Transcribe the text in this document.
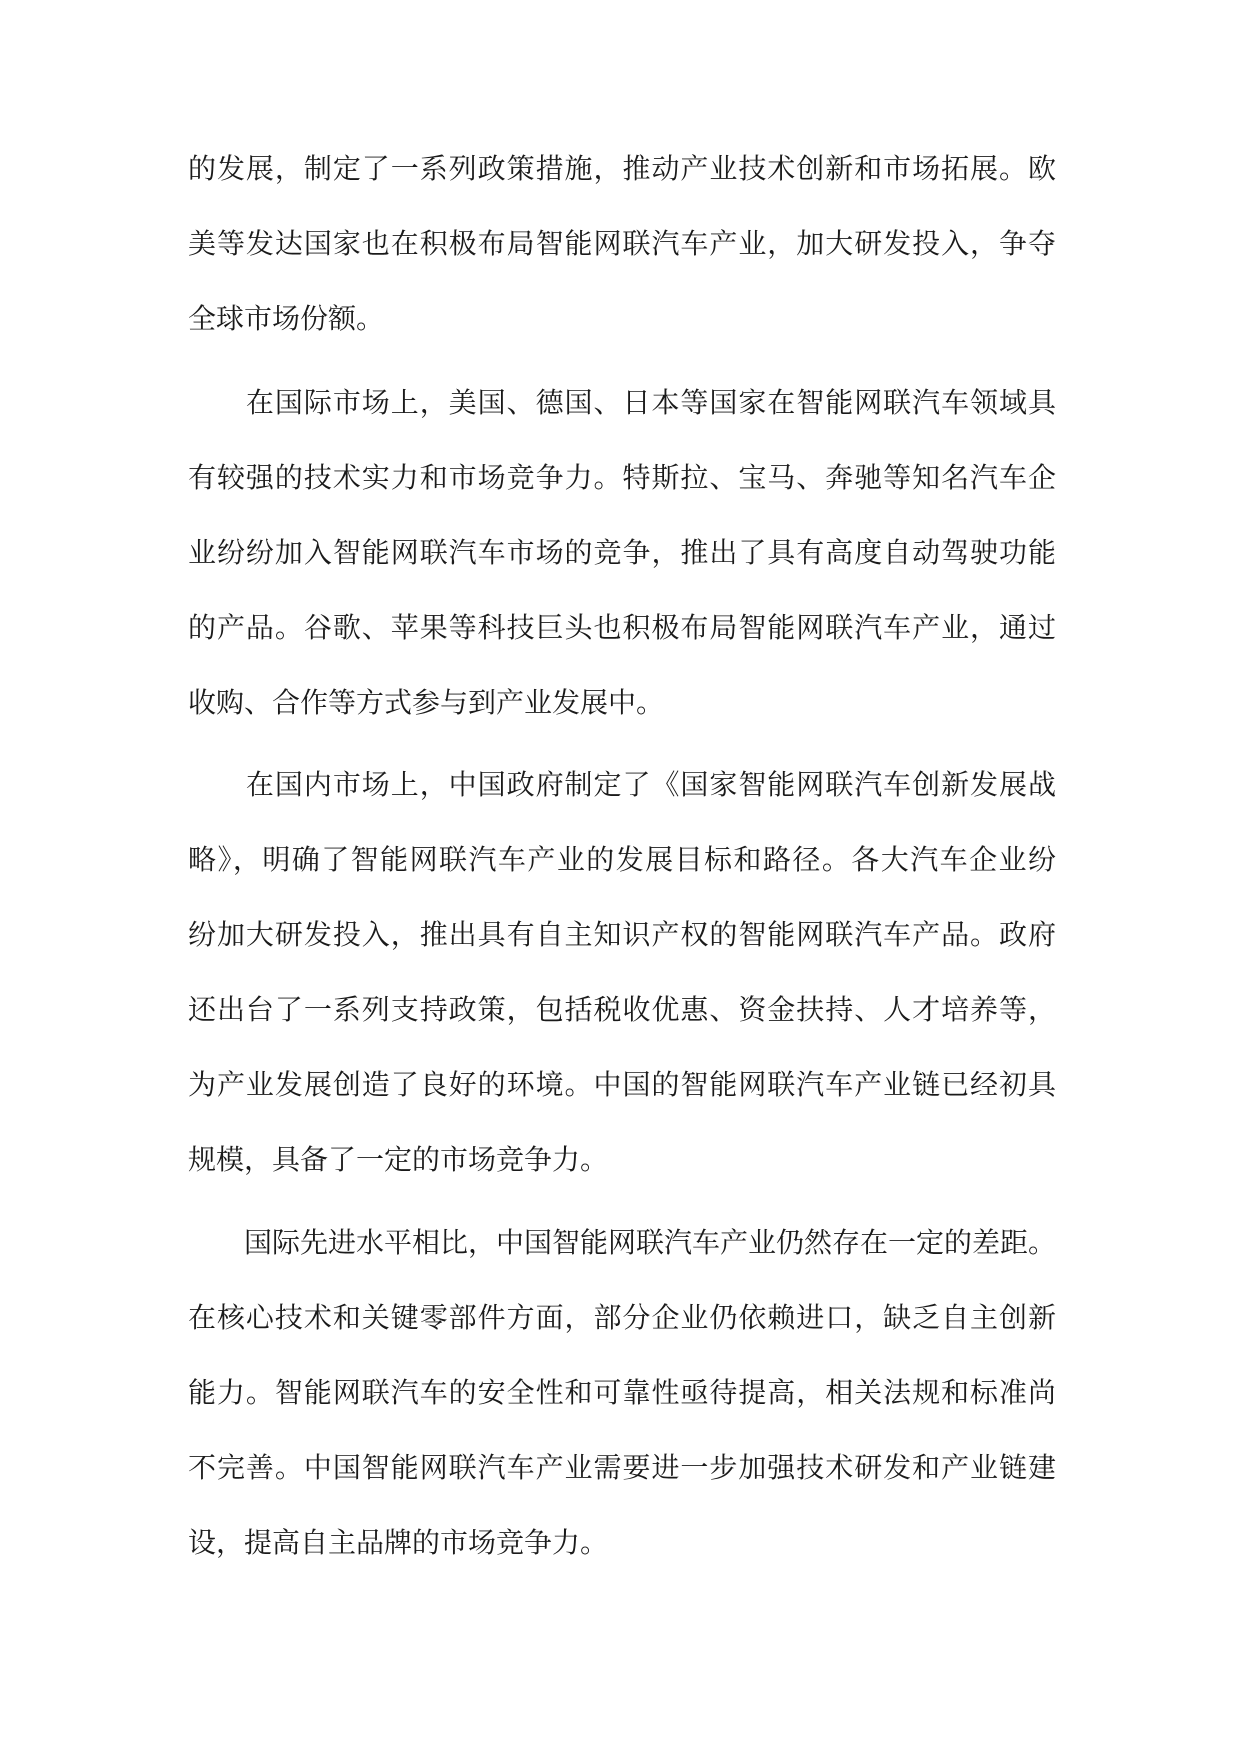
的发展，制定了一系列政策措施，推动产业技术创新和市场拓展。欧
美等发达国家也在积极布局智能网联汽车产业，加大研发投入，争夺
全球市场份额。

　　在国际市场上，美国、德国、日本等国家在智能网联汽车领域具
有较强的技术实力和市场竞争力。特斯拉、宝马、奔驰等知名汽车企
业纷纷加入智能网联汽车市场的竞争，推出了具有高度自动驾驶功能
的产品。谷歌、苹果等科技巨头也积极布局智能网联汽车产业，通过
收购、合作等方式参与到产业发展中。

　　在国内市场上，中国政府制定了《国家智能网联汽车创新发展战
略》，明确了智能网联汽车产业的发展目标和路径。各大汽车企业纷
纷加大研发投入，推出具有自主知识产权的智能网联汽车产品。政府
还出台了一系列支持政策，包括税收优惠、资金扶持、人才培养等，
为产业发展创造了良好的环境。中国的智能网联汽车产业链已经初具
规模，具备了一定的市场竞争力。

　　国际先进水平相比，中国智能网联汽车产业仍然存在一定的差距。
在核心技术和关键零部件方面，部分企业仍依赖进口，缺乏自主创新
能力。智能网联汽车的安全性和可靠性亟待提高，相关法规和标准尚
不完善。中国智能网联汽车产业需要进一步加强技术研发和产业链建
设，提高自主品牌的市场竞争力。
